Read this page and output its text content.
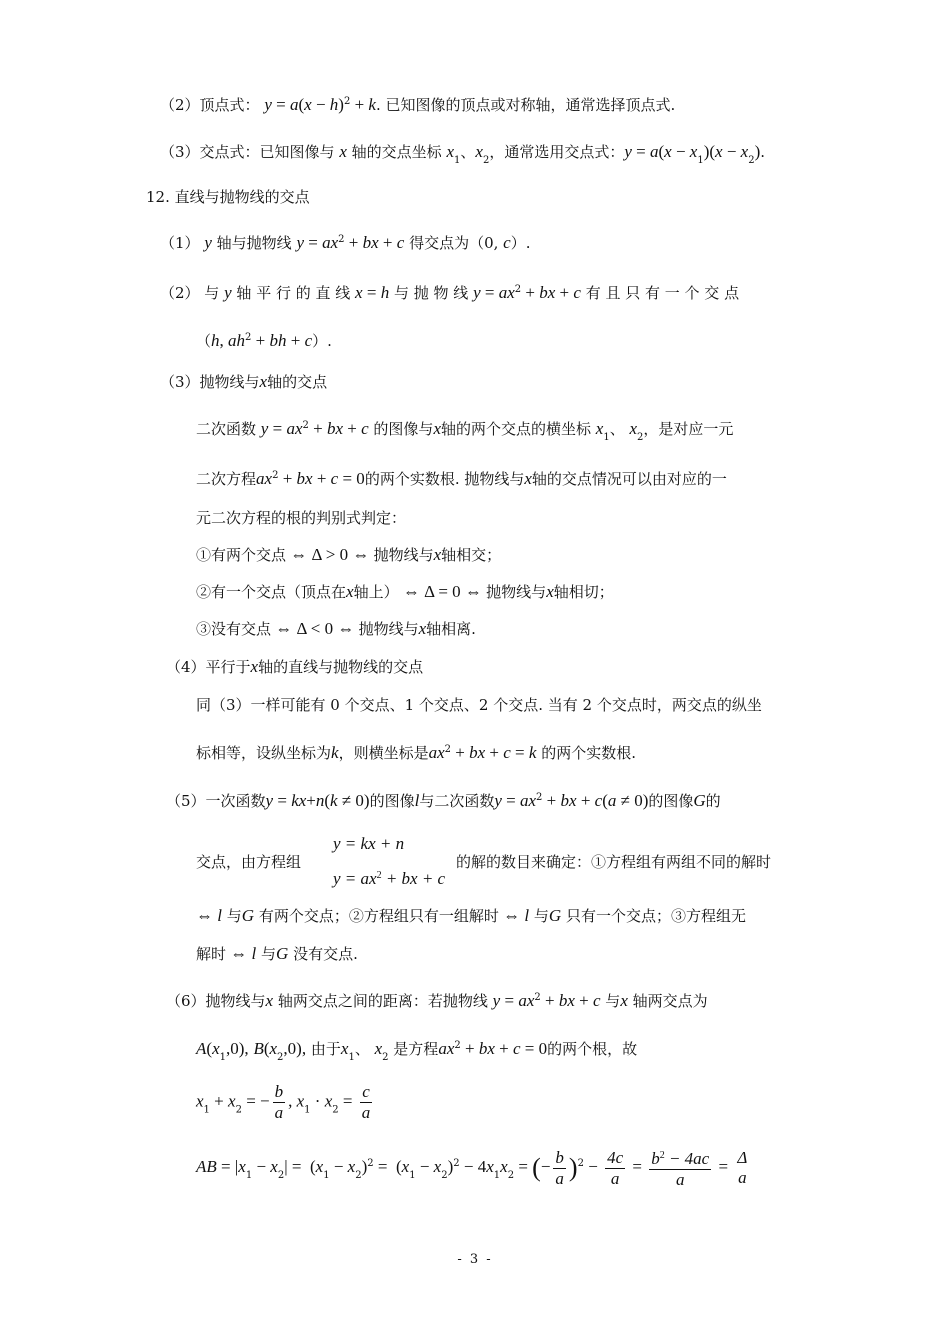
（2）顶点式： $y = a(x - h)^2 + k$. 已知图像的顶点或对称轴，通常选择顶点式.
（3）交点式：已知图像与 x 轴的交点坐标 $x_1$、$x_2$，通常选用交点式：$y = a(x - x_1)(x - x_2)$.
12. 直线与抛物线的交点
（1） y 轴与抛物线 $y = ax^2$ + bx + c 得交点为（0, c）.
（2） 与 y 轴 平 行 的 直 线 x = h 与 抛 物 线 $y = ax^2$ + bx + c 有 且 只 有 一 个 交 点
（h, $ah^2$ + bh + c）.
（3）抛物线与x轴的交点
二次函数 $y = ax^2$ + bx + c 的图像与x轴的两个交点的横坐标 $x_1$、 $x_2$，是对应一元
二次方程$ax^2$ + bx + c = 0的两个实数根. 抛物线与x轴的交点情况可以由对应的一
元二次方程的根的判别式判定：
①有两个交点 ⇔ Δ > 0 ⇔ 抛物线与x轴相交；
②有一个交点（顶点在x轴上） ⇔ Δ = 0 ⇔ 抛物线与x轴相切；
③没有交点 ⇔ Δ < 0 ⇔ 抛物线与x轴相离.
（4）平行于x轴的直线与抛物线的交点
同（3）一样可能有 0 个交点、1 个交点、2 个交点. 当有 2 个交点时，两交点的纵坐
标相等，设纵坐标为k，则横坐标是$ax^2$ + bx + c = k 的两个实数根.
（5）一次函数y = kx+n(k ≠ 0)的图像l与二次函数$y = ax^2$ + bx + c(a ≠ 0)的图像G的
交点，由方程组
y = kx + n
$y = ax^2$ + bx + c
的解的数目来确定：①方程组有两组不同的解时
⇔ l 与G 有两个交点；②方程组只有一组解时 ⇔ l 与G 只有一个交点；③方程组无
解时 ⇔ l 与G 没有交点.
（6）抛物线与x 轴两交点之间的距离：若抛物线 $y = ax^2$ + bx + c 与x 轴两交点为
$A(x_1,0)$, $B(x_2,0)$, 由于$x_1$、 $x_2$ 是方程$ax^2$ + bx + c = 0的两个根，故
$x_1 + x_2$ = − $\frac{b}{a}$ , $x_1 \cdot x_2 = \frac{c}{a}$
AB = $|x_1 - x_2| = (x_1 - x_2)^2 = (x_1 - x_2)^2 - 4x_1x_2$ = (− $\frac{b}{a} )^2 - \frac{4c}{a} = \frac{b^2 - 4ac}{a} = \Delta$
a
- 3 -
